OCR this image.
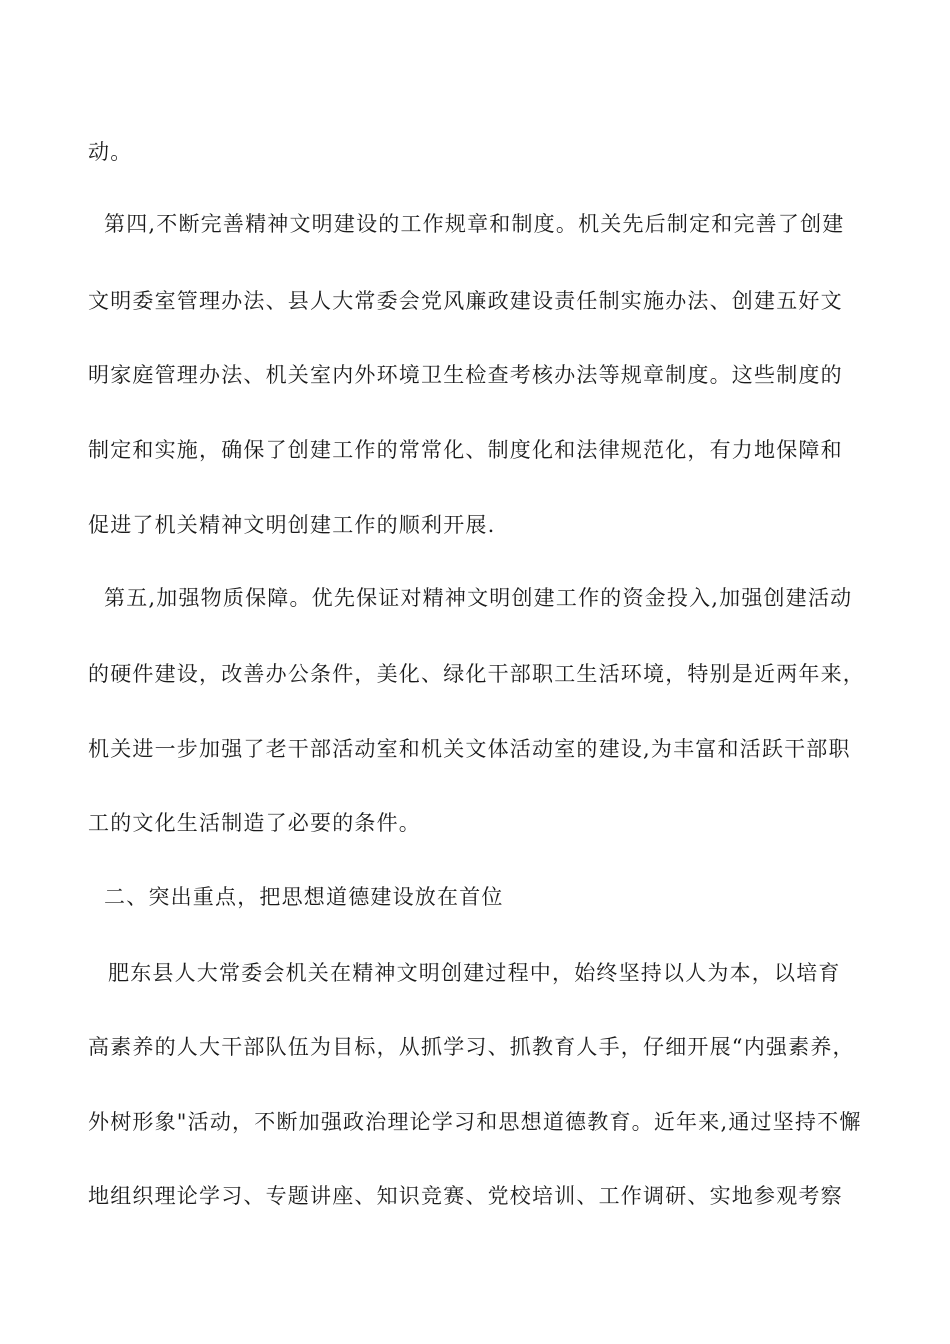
动。
第四,不断完善精神文明建设的工作规章和制度。机关先后制定和完善了创建
文明委室管理办法、县人大常委会党风廉政建设责任制实施办法、创建五好文
明家庭管理办法、机关室内外环境卫生检查考核办法等规章制度。这些制度的
制定和实施，确保了创建工作的常常化、制度化和法律规范化，有力地保障和
促进了机关精神文明创建工作的顺利开展.
第五,加强物质保障。优先保证对精神文明创建工作的资金投入,加强创建活动
的硬件建设，改善办公条件，美化、绿化干部职工生活环境，特别是近两年来，
机关进一步加强了老干部活动室和机关文体活动室的建设,为丰富和活跃干部职
工的文化生活制造了必要的条件。
二、突出重点，把思想道德建设放在首位
肥东县人大常委会机关在精神文明创建过程中，始终坚持以人为本，以培育
高素养的人大干部队伍为目标，从抓学习、抓教育人手，仔细开展“内强素养，
外树形象"活动，不断加强政治理论学习和思想道德教育。近年来,通过坚持不懈
地组织理论学习、专题讲座、知识竞赛、党校培训、工作调研、实地参观考察
